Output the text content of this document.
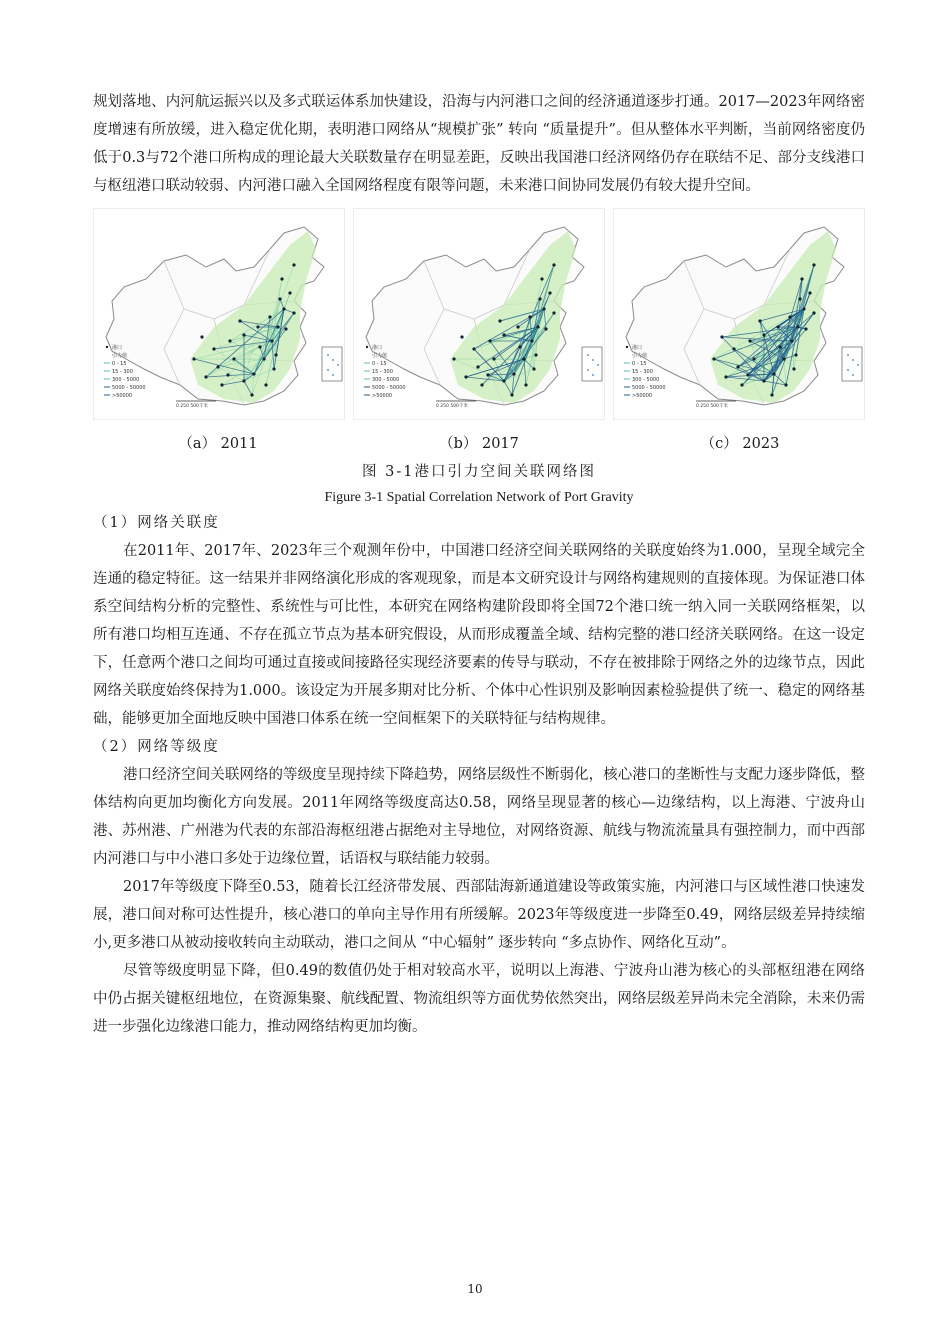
规划落地、内河航运振兴以及多式联运体系加快建设，沿海与内河港口之间的经济通道逐步打通。2017—2023年网络密度增速有所放缓，进入稳定优化期，表明港口网络从“规模扩张” 转向 “质量提升”。但从整体水平判断，当前网络密度仍低于0.3与72个港口所构成的理论最大关联数量存在明显差距，反映出我国港口经济网络仍存在联结不足、部分支线港口与枢纽港口联动较弱、内河港口融入全国网络程度有限等问题，未来港口间协同发展仍有较大提升空间。

港口
引力值
0 - 15
15 - 300
300 - 5000
5000 - 50000
>50000
0 250 500千米
港口
引力值
0 - 15
15 - 300
300 - 5000
5000 - 50000
>50000
0 250 500千米
港口
引力值
0 - 15
15 - 300
300 - 5000
5000 - 50000
>50000
0 250 500千米
（a） 2011	（b） 2017	（c） 2023
图 3-1港口引力空间关联网络图
Figure 3-1 Spatial Correlation Network of Port Gravity
（1）网络关联度

在2011年、2017年、2023年三个观测年份中，中国港口经济空间关联网络的关联度始终为1.000，呈现全域完全连通的稳定特征。这一结果并非网络演化形成的客观现象，而是本文研究设计与网络构建规则的直接体现。为保证港口体系空间结构分析的完整性、系统性与可比性，本研究在网络构建阶段即将全国72个港口统一纳入同一关联网络框架，以所有港口均相互连通、不存在孤立节点为基本研究假设，从而形成覆盖全域、结构完整的港口经济关联网络。在这一设定下，任意两个港口之间均可通过直接或间接路径实现经济要素的传导与联动，不存在被排除于网络之外的边缘节点，因此网络关联度始终保持为1.000。该设定为开展多期对比分析、个体中心性识别及影响因素检验提供了统一、稳定的网络基础，能够更加全面地反映中国港口体系在统一空间框架下的关联特征与结构规律。

（2）网络等级度

港口经济空间关联网络的等级度呈现持续下降趋势，网络层级性不断弱化，核心港口的垄断性与支配力逐步降低，整体结构向更加均衡化方向发展。2011年网络等级度高达0.58，网络呈现显著的核心—边缘结构，以上海港、宁波舟山港、苏州港、广州港为代表的东部沿海枢纽港占据绝对主导地位，对网络资源、航线与物流流量具有强控制力，而中西部内河港口与中小港口多处于边缘位置，话语权与联结能力较弱。

2017年等级度下降至0.53，随着长江经济带发展、西部陆海新通道建设等政策实施，内河港口与区域性港口快速发展，港口间对称可达性提升，核心港口的单向主导作用有所缓解。2023年等级度进一步降至0.49，网络层级差异持续缩小,更多港口从被动接收转向主动联动，港口之间从 “中心辐射” 逐步转向 “多点协作、网络化互动”。

尽管等级度明显下降，但0.49的数值仍处于相对较高水平，说明以上海港、宁波舟山港为核心的头部枢纽港在网络中仍占据关键枢纽地位，在资源集聚、航线配置、物流组织等方面优势依然突出，网络层级差异尚未完全消除，未来仍需进一步强化边缘港口能力，推动网络结构更加均衡。

10
